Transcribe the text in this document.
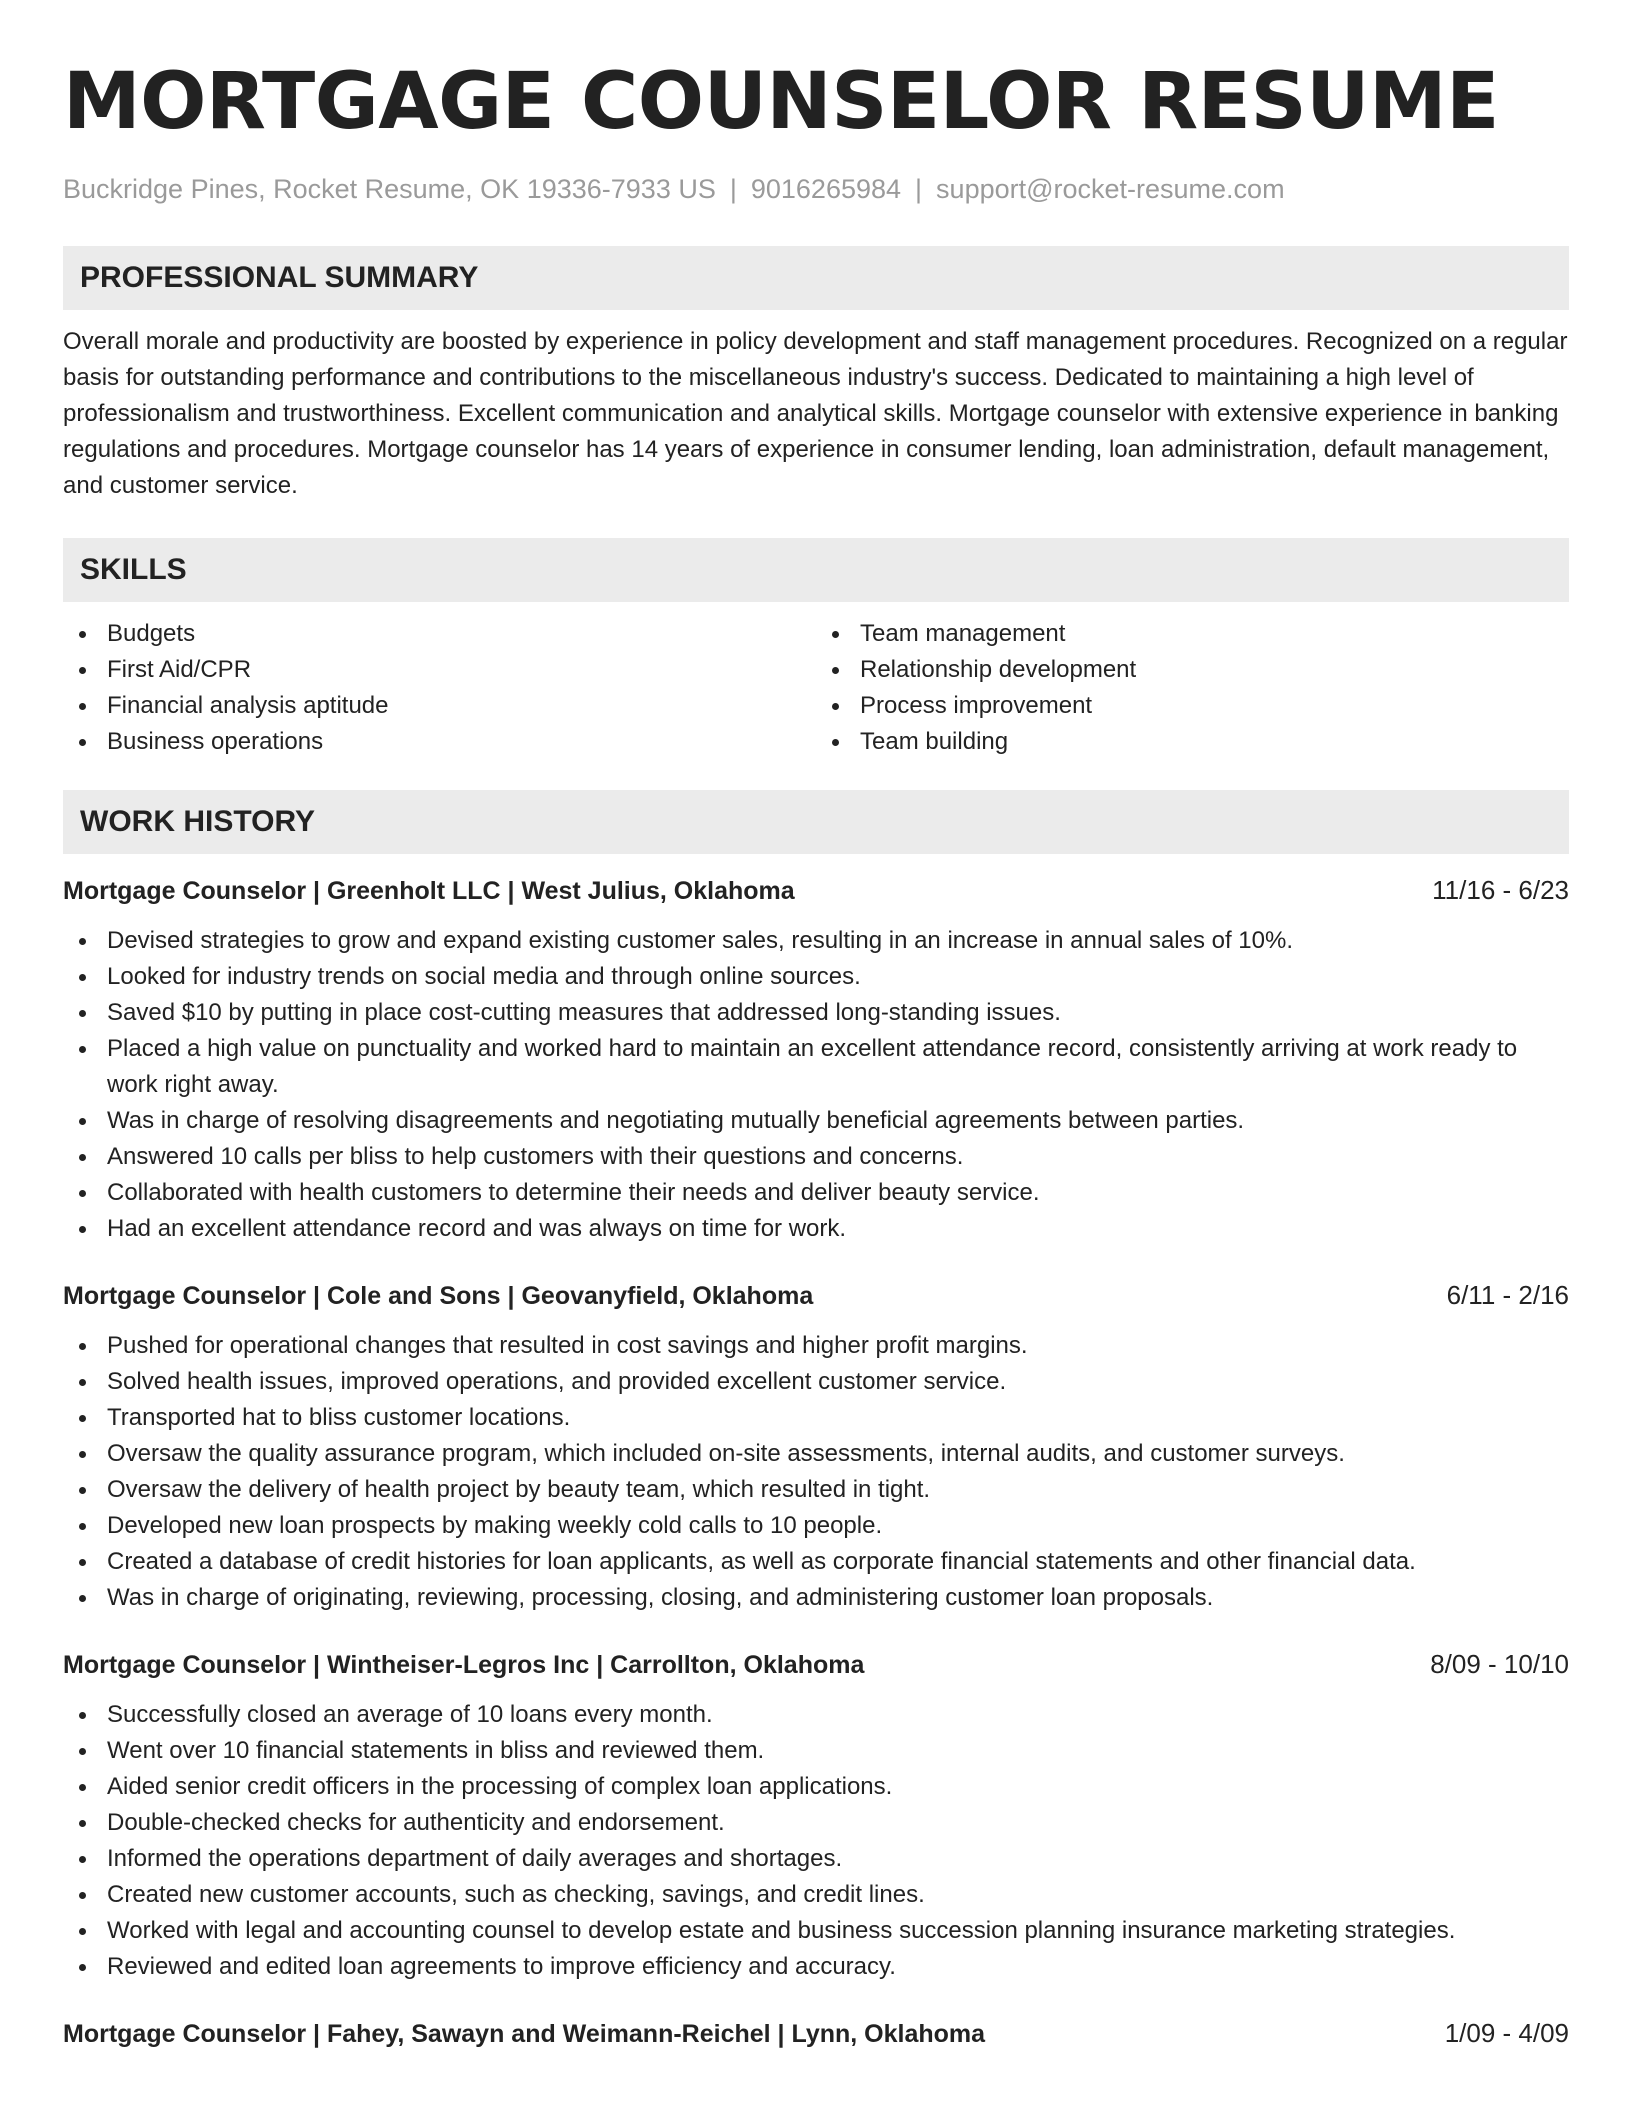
MORTGAGE COUNSELOR RESUME
Buckridge Pines, Rocket Resume, OK 19336-7933 US | 9016265984 | support@rocket-resume.com
PROFESSIONAL SUMMARY
Overall morale and productivity are boosted by experience in policy development and staff management procedures. Recognized on a regular basis for outstanding performance and contributions to the miscellaneous industry's success. Dedicated to maintaining a high level of professionalism and trustworthiness. Excellent communication and analytical skills. Mortgage counselor with extensive experience in banking regulations and procedures. Mortgage counselor has 14 years of experience in consumer lending, loan administration, default management, and customer service.
SKILLS
Budgets
First Aid/CPR
Financial analysis aptitude
Business operations
Team management
Relationship development
Process improvement
Team building
WORK HISTORY
Mortgage Counselor | Greenholt LLC | West Julius, Oklahoma	11/16 - 6/23
Devised strategies to grow and expand existing customer sales, resulting in an increase in annual sales of 10%.
Looked for industry trends on social media and through online sources.
Saved $10 by putting in place cost-cutting measures that addressed long-standing issues.
Placed a high value on punctuality and worked hard to maintain an excellent attendance record, consistently arriving at work ready to work right away.
Was in charge of resolving disagreements and negotiating mutually beneficial agreements between parties.
Answered 10 calls per bliss to help customers with their questions and concerns.
Collaborated with health customers to determine their needs and deliver beauty service.
Had an excellent attendance record and was always on time for work.
Mortgage Counselor | Cole and Sons | Geovanyfield, Oklahoma	6/11 - 2/16
Pushed for operational changes that resulted in cost savings and higher profit margins.
Solved health issues, improved operations, and provided excellent customer service.
Transported hat to bliss customer locations.
Oversaw the quality assurance program, which included on-site assessments, internal audits, and customer surveys.
Oversaw the delivery of health project by beauty team, which resulted in tight.
Developed new loan prospects by making weekly cold calls to 10 people.
Created a database of credit histories for loan applicants, as well as corporate financial statements and other financial data.
Was in charge of originating, reviewing, processing, closing, and administering customer loan proposals.
Mortgage Counselor | Wintheiser-Legros Inc | Carrollton, Oklahoma	8/09 - 10/10
Successfully closed an average of 10 loans every month.
Went over 10 financial statements in bliss and reviewed them.
Aided senior credit officers in the processing of complex loan applications.
Double-checked checks for authenticity and endorsement.
Informed the operations department of daily averages and shortages.
Created new customer accounts, such as checking, savings, and credit lines.
Worked with legal and accounting counsel to develop estate and business succession planning insurance marketing strategies.
Reviewed and edited loan agreements to improve efficiency and accuracy.
Mortgage Counselor | Fahey, Sawayn and Weimann-Reichel | Lynn, Oklahoma	1/09 - 4/09
